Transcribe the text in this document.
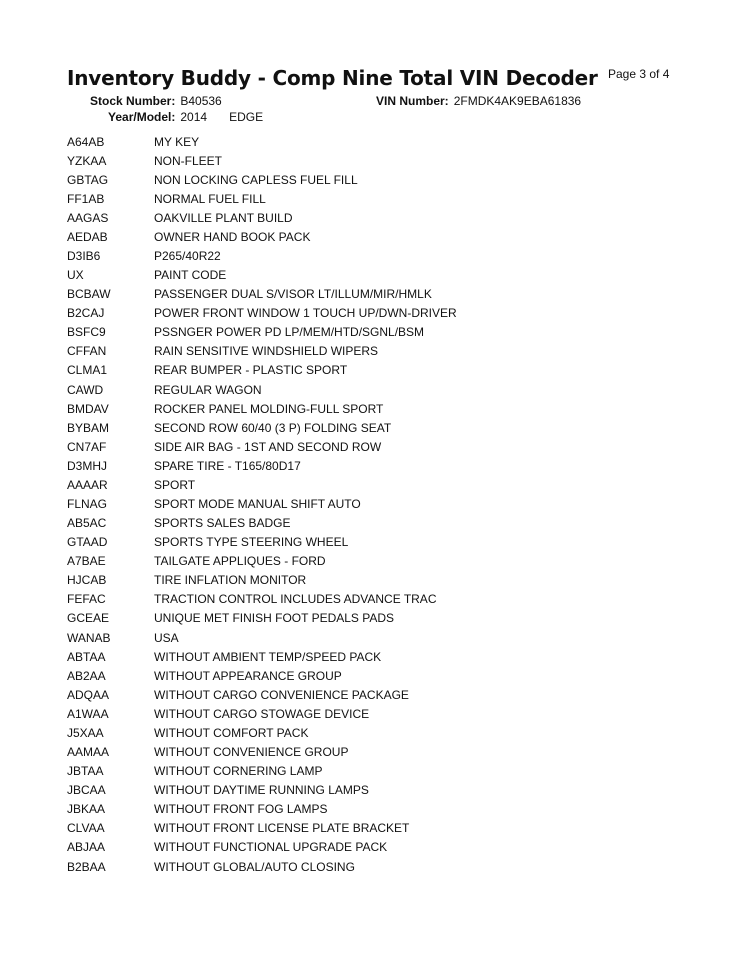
Inventory Buddy - Comp Nine Total VIN Decoder Page 3 of 4
Stock Number: B40536	VIN Number: 2FMDK4AK9EBA61836
Year/Model: 2014 EDGE
A64AB	MY KEY
YZKAA	NON-FLEET
GBTAG	NON LOCKING CAPLESS FUEL FILL
FF1AB	NORMAL FUEL FILL
AAGAS	OAKVILLE PLANT BUILD
AEDAB	OWNER HAND BOOK PACK
D3IB6	P265/40R22
UX	PAINT CODE
BCBAW	PASSENGER DUAL S/VISOR LT/ILLUM/MIR/HMLK
B2CAJ	POWER FRONT WINDOW 1 TOUCH UP/DWN-DRIVER
BSFC9	PSSNGER POWER PD LP/MEM/HTD/SGNL/BSM
CFFAN	RAIN SENSITIVE WINDSHIELD WIPERS
CLMA1	REAR BUMPER - PLASTIC SPORT
CAWD	REGULAR WAGON
BMDAV	ROCKER PANEL MOLDING-FULL SPORT
BYBAM	SECOND ROW 60/40 (3 P) FOLDING SEAT
CN7AF	SIDE AIR BAG - 1ST AND SECOND ROW
D3MHJ	SPARE TIRE - T165/80D17
AAAAR	SPORT
FLNAG	SPORT MODE MANUAL SHIFT AUTO
AB5AC	SPORTS SALES BADGE
GTAAD	SPORTS TYPE STEERING WHEEL
A7BAE	TAILGATE APPLIQUES - FORD
HJCAB	TIRE INFLATION MONITOR
FEFAC	TRACTION CONTROL INCLUDES ADVANCE TRAC
GCEAE	UNIQUE MET FINISH FOOT PEDALS PADS
WANAB	USA
ABTAA	WITHOUT AMBIENT TEMP/SPEED PACK
AB2AA	WITHOUT APPEARANCE GROUP
ADQAA	WITHOUT CARGO CONVENIENCE PACKAGE
A1WAA	WITHOUT CARGO STOWAGE DEVICE
J5XAA	WITHOUT COMFORT PACK
AAMAA	WITHOUT CONVENIENCE GROUP
JBTAA	WITHOUT CORNERING LAMP
JBCAA	WITHOUT DAYTIME RUNNING LAMPS
JBKAA	WITHOUT FRONT FOG LAMPS
CLVAA	WITHOUT FRONT LICENSE PLATE BRACKET
ABJAA	WITHOUT FUNCTIONAL UPGRADE PACK
B2BAA	WITHOUT GLOBAL/AUTO CLOSING
